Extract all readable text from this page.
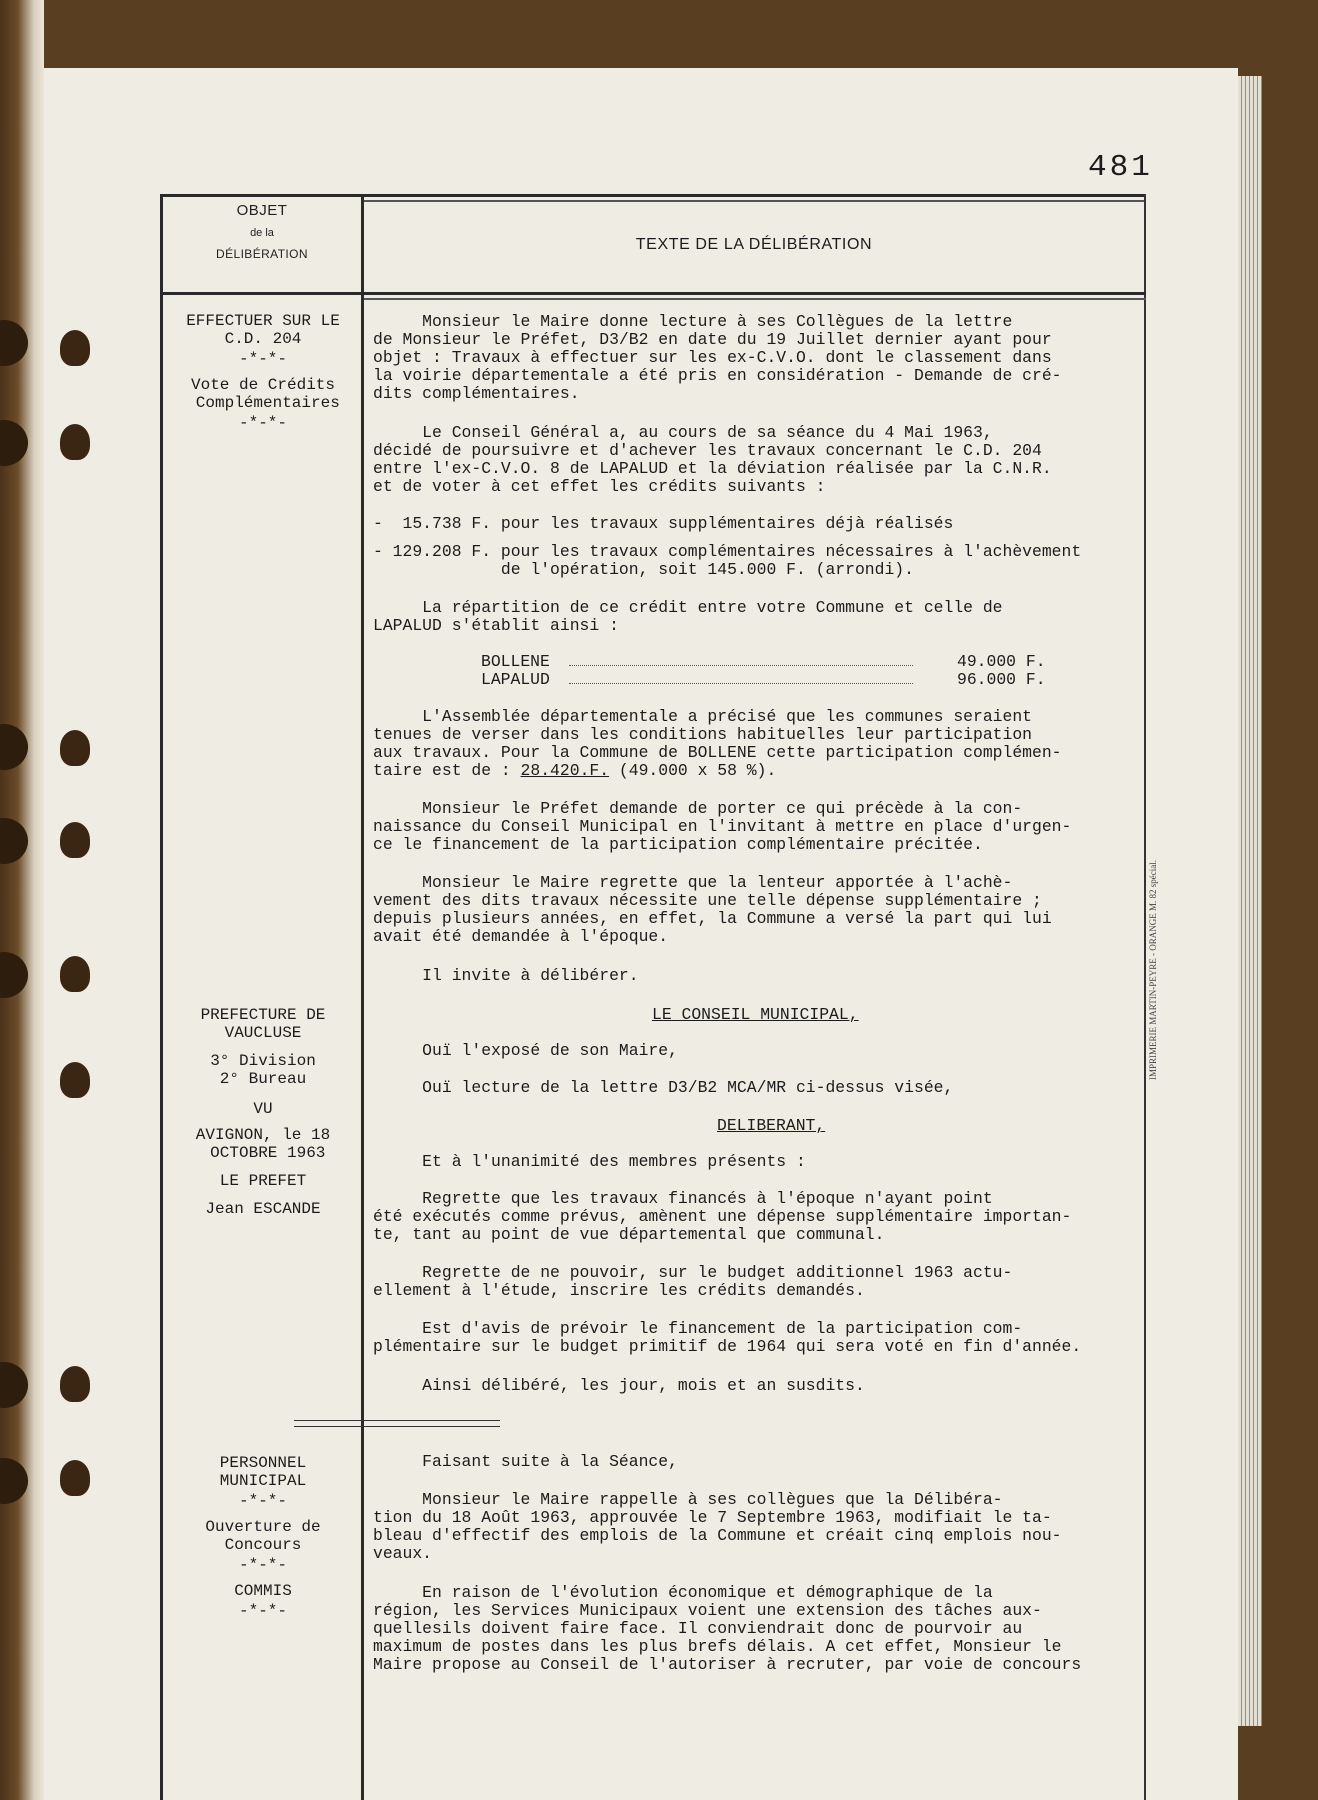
481
OBJET
de la
DÉLIBÉRATION
TEXTE DE LA DÉLIBÉRATION
EFFECTUER SUR LE
C.D. 204
-*-*-
Vote de Crédits
Complémentaires
-*-*-
PREFECTURE DE
VAUCLUSE
3° Division
2° Bureau
VU
AVIGNON, le 18
OCTOBRE 1963
LE PREFET
Jean ESCANDE
PERSONNEL
MUNICIPAL
-*-*-
Ouverture de
Concours
-*-*-
COMMIS
-*-*-
IMPRIMERIE MARTIN-PEYRE - ORANGE M. 82 spécial.
Monsieur le Maire donne lecture à ses Collègues de la lettre
de Monsieur le Préfet, D3/B2 en date du 19 Juillet dernier ayant pour
objet : Travaux à effectuer sur les ex-C.V.O. dont le classement dans
la voirie départementale a été pris en considération - Demande de cré-
dits complémentaires.
Le Conseil Général a, au cours de sa séance du 4 Mai 1963,
décidé de poursuivre et d'achever les travaux concernant le C.D. 204
entre l'ex-C.V.O. 8 de LAPALUD et la déviation réalisée par la C.N.R.
et de voter à cet effet les crédits suivants :
-  15.738 F. pour les travaux supplémentaires déjà réalisés
- 129.208 F. pour les travaux complémentaires nécessaires à l'achèvement
de l'opération, soit 145.000 F. (arrondi).
La répartition de ce crédit entre votre Commune et celle de
LAPALUD s'établit ainsi :
BOLLENE	49.000 F.
LAPALUD	96.000 F.
L'Assemblée départementale a précisé que les communes seraient
tenues de verser dans les conditions habituelles leur participation
aux travaux. Pour la Commune de BOLLENE cette participation complémen-
taire est de : 28.420.F. (49.000 x 58 %).
Monsieur le Préfet demande de porter ce qui précède à la con-
naissance du Conseil Municipal en l'invitant à mettre en place d'urgen-
ce le financement de la participation complémentaire précitée.
Monsieur le Maire regrette que la lenteur apportée à l'achè-
vement des dits travaux nécessite une telle dépense supplémentaire ;
depuis plusieurs années, en effet, la Commune a versé la part qui lui
avait été demandée à l'époque.
Il invite à délibérer.
LE CONSEIL MUNICIPAL,
Ouï l'exposé de son Maire,
Ouï lecture de la lettre D3/B2 MCA/MR ci-dessus visée,
DELIBERANT,
Et à l'unanimité des membres présents :
Regrette que les travaux financés à l'époque n'ayant point
été exécutés comme prévus, amènent une dépense supplémentaire importan-
te, tant au point de vue départemental que communal.
Regrette de ne pouvoir, sur le budget additionnel 1963 actu-
ellement à l'étude, inscrire les crédits demandés.
Est d'avis de prévoir le financement de la participation com-
plémentaire sur le budget primitif de 1964 qui sera voté en fin d'année.
Ainsi délibéré, les jour, mois et an susdits.
Faisant suite à la Séance,
Monsieur le Maire rappelle à ses collègues que la Délibéra-
tion du 18 Août 1963, approuvée le 7 Septembre 1963, modifiait le ta-
bleau d'effectif des emplois de la Commune et créait cinq emplois nou-
veaux.
En raison de l'évolution économique et démographique de la
région, les Services Municipaux voient une extension des tâches aux-
quellesils doivent faire face. Il conviendrait donc de pourvoir au
maximum de postes dans les plus brefs délais. A cet effet, Monsieur le
Maire propose au Conseil de l'autoriser à recruter, par voie de concours
